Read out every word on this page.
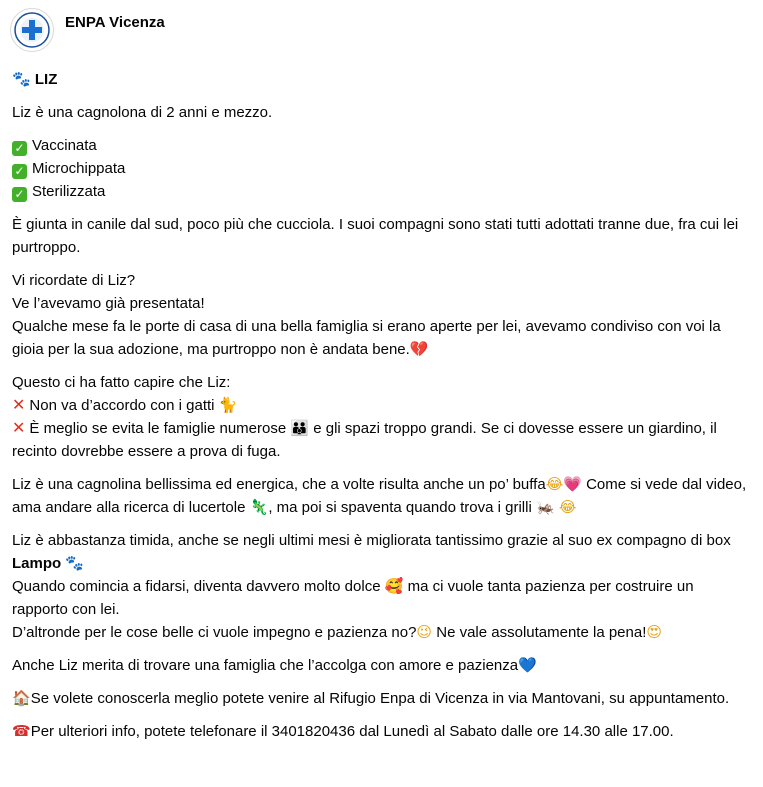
ENPA Vicenza

🐾 LIZ

Liz è una cagnolona di 2 anni e mezzo.

✓ Vaccinata
✓ Microchippata
✓ Sterilizzata

È giunta in canile dal sud, poco più che cucciola. I suoi compagni sono stati tutti adottati tranne due, fra cui lei purtroppo.

Vi ricordate di Liz?
Ve l’avevamo già presentata!
Qualche mese fa le porte di casa di una bella famiglia si erano aperte per lei, avevamo condiviso con voi la gioia per la sua adozione, ma purtroppo non è andata bene.💔

Questo ci ha fatto capire che Liz:
✕ Non va d’accordo con i gatti 🐈
✕ È meglio se evita le famiglie numerose 👪 e gli spazi troppo grandi. Se ci dovesse essere un giardino, il recinto dovrebbe essere a prova di fuga.

Liz è una cagnolina bellissima ed energica, che a volte risulta anche un po’ buffa😂💗 Come si vede dal video, ama andare alla ricerca di lucertole 🦎, ma poi si spaventa quando trova i grilli 🦗 😂

Liz è abbastanza timida, anche se negli ultimi mesi è migliorata tantissimo grazie al suo ex compagno di box Lampo 🐾
Quando comincia a fidarsi, diventa davvero molto dolce 🥰 ma ci vuole tanta pazienza per costruire un rapporto con lei.
D’altronde per le cose belle ci vuole impegno e pazienza no?😉 Ne vale assolutamente la pena!😍

Anche Liz merita di trovare una famiglia che l’accolga con amore e pazienza💙

🏠Se volete conoscerla meglio potete venire al Rifugio Enpa di Vicenza in via Mantovani, su appuntamento.

☎Per ulteriori info, potete telefonare il 3401820436 dal Lunedì al Sabato dalle ore 14.30 alle 17.00.
